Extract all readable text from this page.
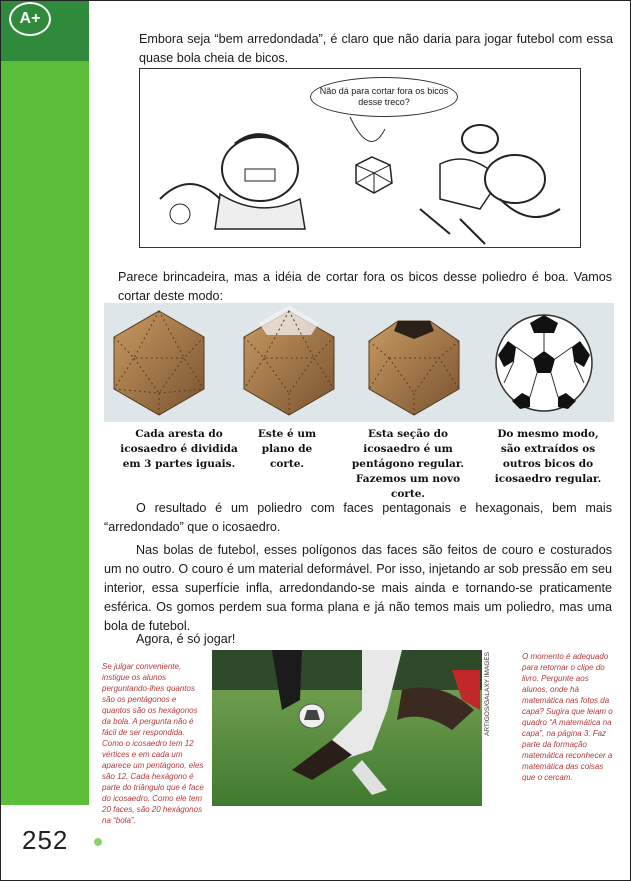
A+
Embora seja “bem arredondada”, é claro que não daria para jogar futebol com essa quase bola cheia de bicos.
Não dá para cortar fora os bicos desse treco?
Parece brincadeira, mas a idéia de cortar fora os bicos desse poliedro é boa. Vamos cortar deste modo:
Cada aresta do icosaedro é dividida em 3 partes iguais.
Este é um plano de corte.
Esta seção do icosaedro é um pentágono regular. Fazemos um novo corte.
Do mesmo modo, são extraídos os outros bicos do icosaedro regular.
O resultado é um poliedro com faces pentagonais e hexagonais, bem mais “arredondado” que o icosaedro.
Nas bolas de futebol, esses polígonos das faces são feitos de couro e costurados um no outro. O couro é um material deformável. Por isso, injetando ar sob pressão em seu interior, essa superfície infla, arredondando-se mais ainda e tornando-se praticamente esférica. Os gomos perdem sua forma plana e já não temos mais um poliedro, mas uma bola de futebol.
Agora, é só jogar!
Se julgar conveniente, instigue os alunos perguntando-lhes quantos são os pentágonos e quantos são os hexágonos da bola. A pergunta não é fácil de ser respondida. Como o icosaedro tem 12 vértices e em cada um aparece um pentágono, eles são 12. Cada hexágono é parte do triângulo que é face do icosaedro. Como ele tem 20 faces, são 20 hexágonos na “bola”.
ARTIGOS/GALAXY IMAGES	O momento é adequado para retornar o clipe do livro. Pergunte aos alunos, onde há matemática nas fotos da capa? Sugira que leiam o quadro “A matemática na capa”, na página 3. Faz parte da formação matemática reconhecer a matemática das coisas que o cercam.
252
